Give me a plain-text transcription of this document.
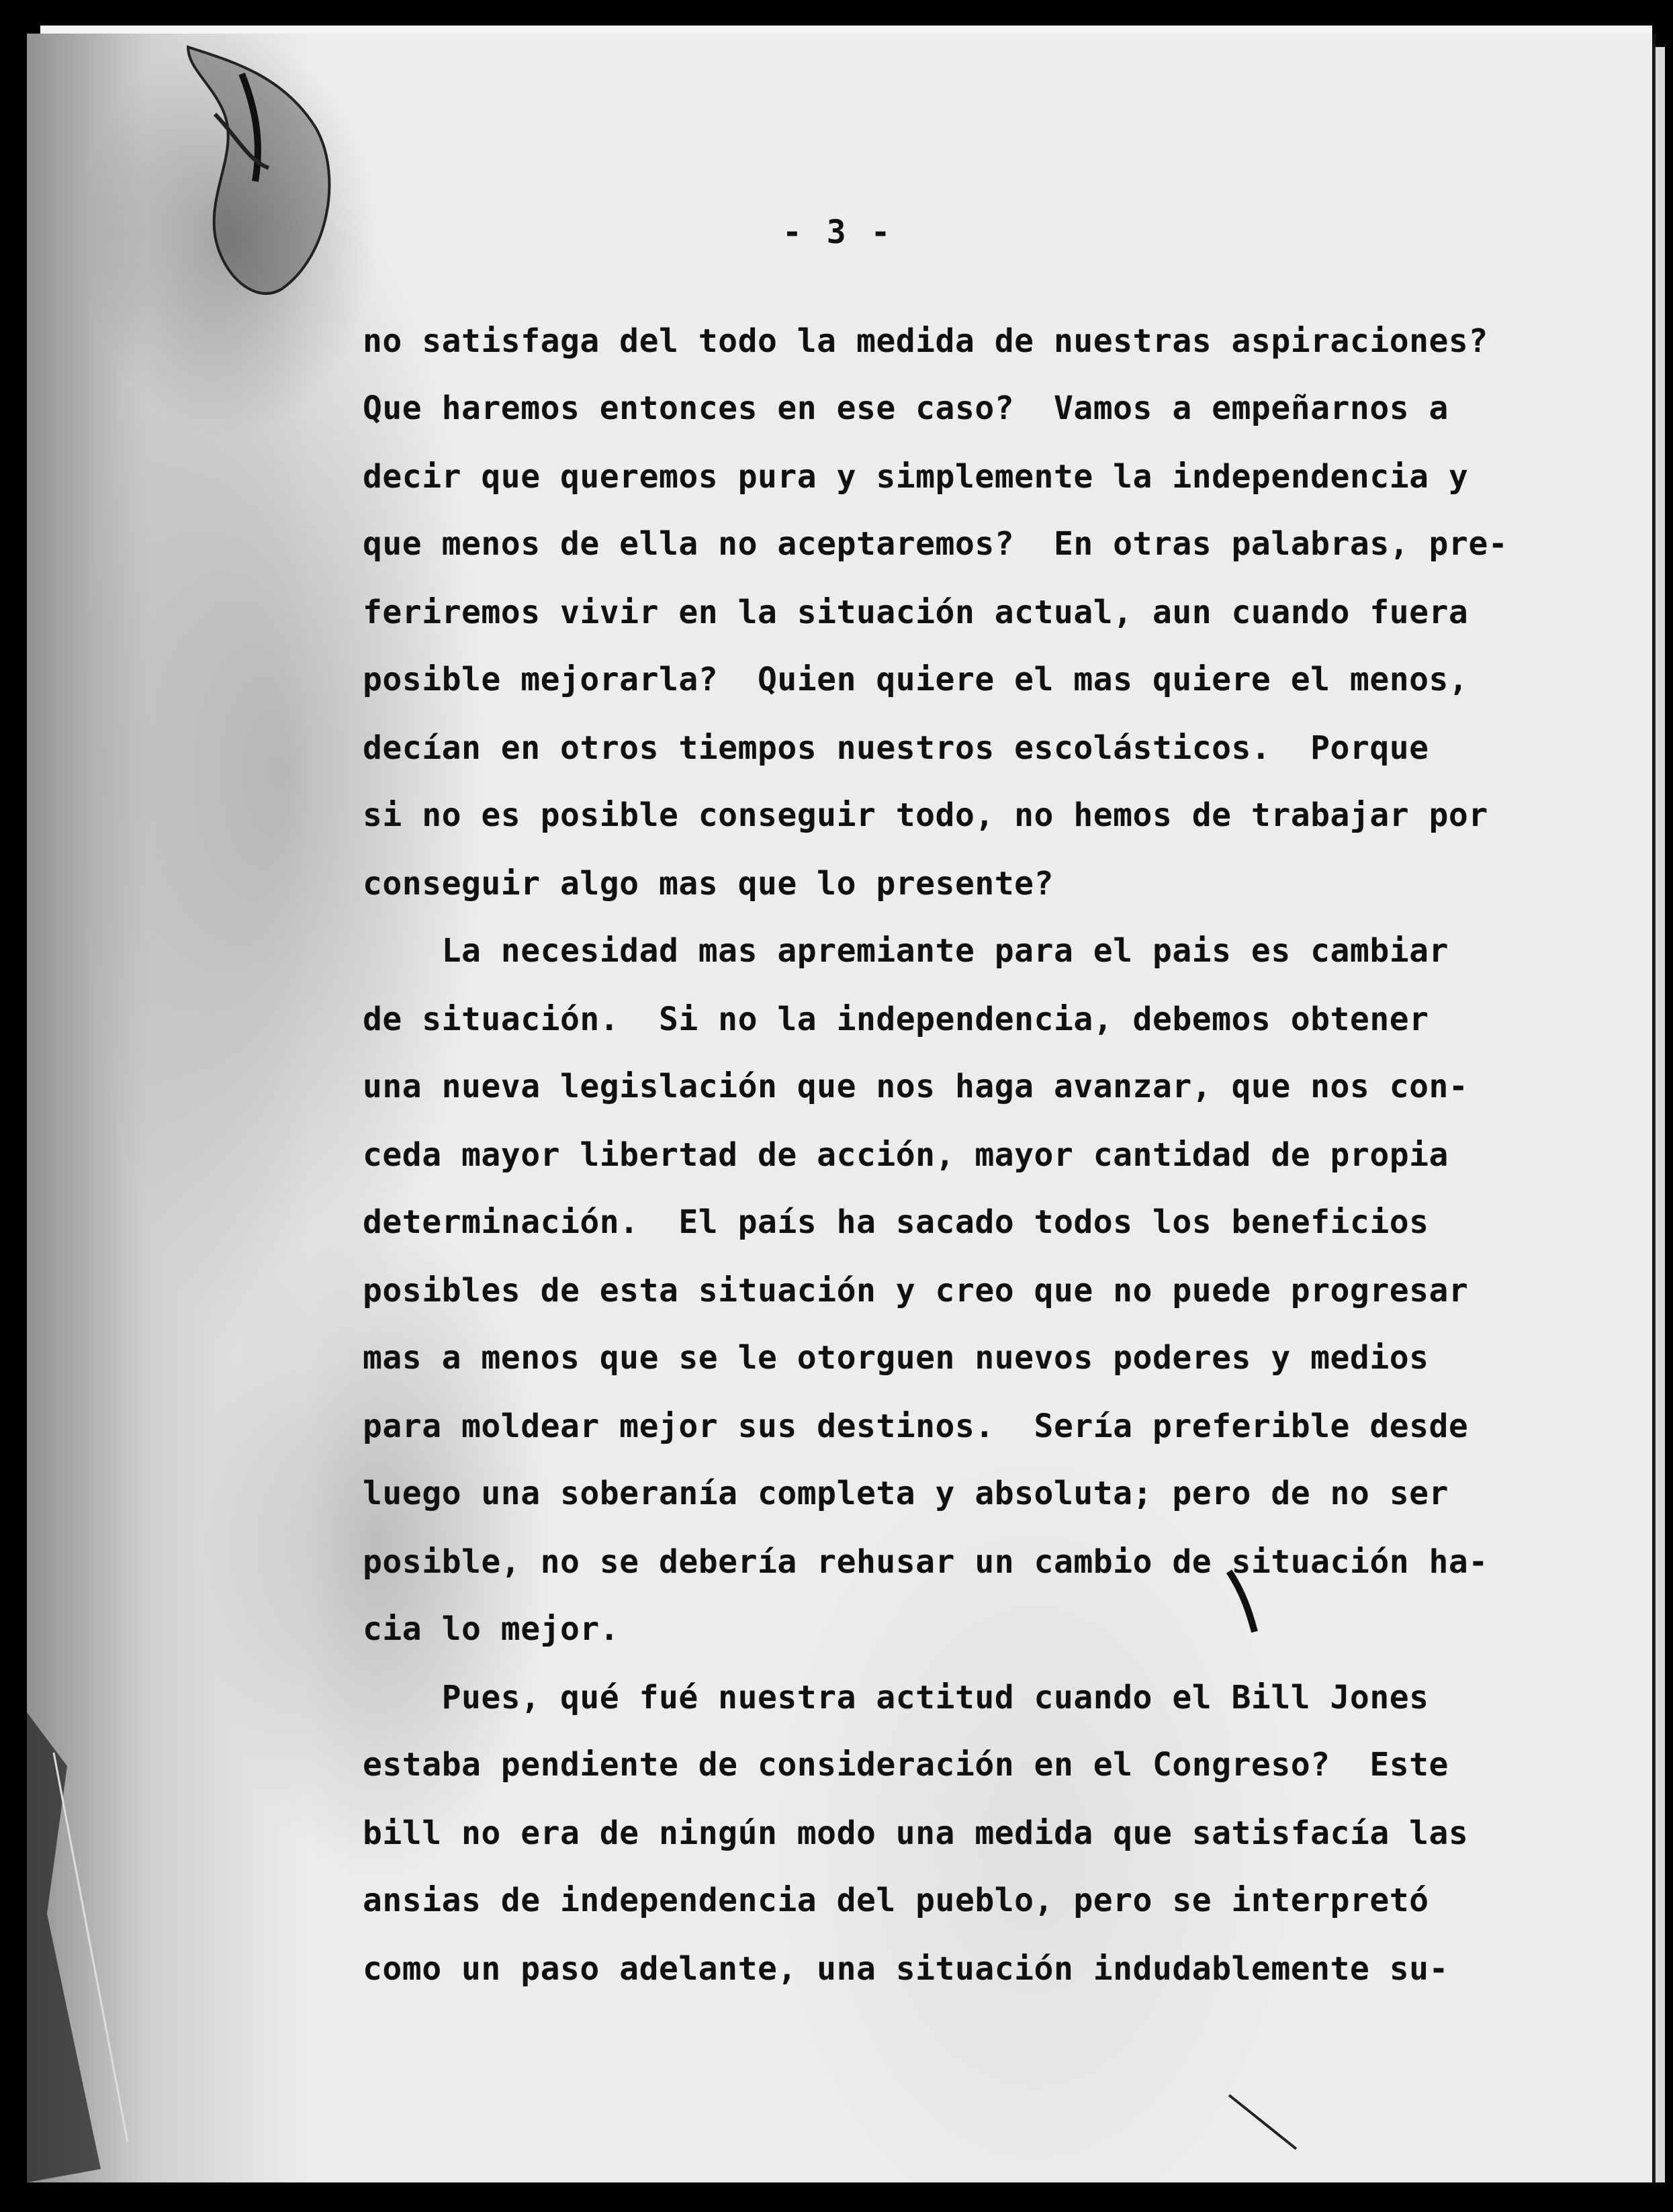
- 3 -
no satisfaga del todo la medida de nuestras aspiraciones?
Que haremos entonces en ese caso?  Vamos a empeñarnos a
decir que queremos pura y simplemente la independencia y
que menos de ella no aceptaremos?  En otras palabras, pre-
feriremos vivir en la situación actual, aun cuando fuera
posible mejorarla?  Quien quiere el mas quiere el menos,
decían en otros tiempos nuestros escolásticos.  Porque
si no es posible conseguir todo, no hemos de trabajar por
conseguir algo mas que lo presente?
La necesidad mas apremiante para el pais es cambiar
de situación.  Si no la independencia, debemos obtener
una nueva legislación que nos haga avanzar, que nos con-
ceda mayor libertad de acción, mayor cantidad de propia
determinación.  El país ha sacado todos los beneficios
posibles de esta situación y creo que no puede progresar
mas a menos que se le otorguen nuevos poderes y medios
para moldear mejor sus destinos.  Sería preferible desde
luego una soberanía completa y absoluta; pero de no ser
posible, no se debería rehusar un cambio de situación ha-
cia lo mejor.
Pues, qué fué nuestra actitud cuando el Bill Jones
estaba pendiente de consideración en el Congreso?  Este
bill no era de ningún modo una medida que satisfacía las
ansias de independencia del pueblo, pero se interpretó
como un paso adelante, una situación indudablemente su-
